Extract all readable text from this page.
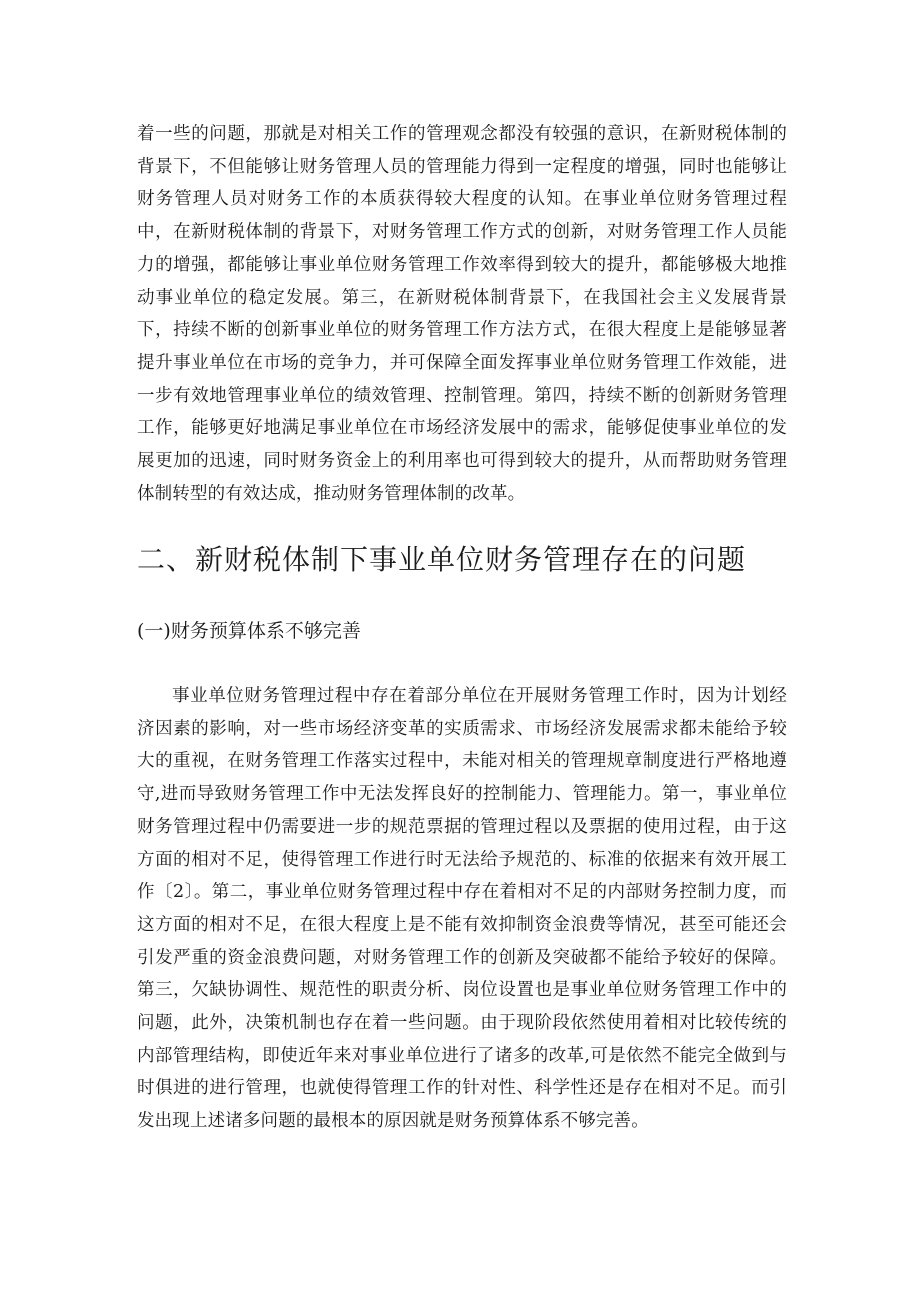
着一些的问题，那就是对相关工作的管理观念都没有较强的意识，在新财税体制的背景下，不但能够让财务管理人员的管理能力得到一定程度的增强，同时也能够让财务管理人员对财务工作的本质获得较大程度的认知。在事业单位财务管理过程中，在新财税体制的背景下，对财务管理工作方式的创新，对财务管理工作人员能力的增强，都能够让事业单位财务管理工作效率得到较大的提升，都能够极大地推动事业单位的稳定发展。第三，在新财税体制背景下，在我国社会主义发展背景下，持续不断的创新事业单位的财务管理工作方法方式，在很大程度上是能够显著提升事业单位在市场的竞争力，并可保障全面发挥事业单位财务管理工作效能，进一步有效地管理事业单位的绩效管理、控制管理。第四，持续不断的创新财务管理工作，能够更好地满足事业单位在市场经济发展中的需求，能够促使事业单位的发展更加的迅速，同时财务资金上的利用率也可得到较大的提升，从而帮助财务管理体制转型的有效达成，推动财务管理体制的改革。

二、新财税体制下事业单位财务管理存在的问题
(一)财务预算体系不够完善

事业单位财务管理过程中存在着部分单位在开展财务管理工作时，因为计划经济因素的影响，对一些市场经济变革的实质需求、市场经济发展需求都未能给予较大的重视，在财务管理工作落实过程中，未能对相关的管理规章制度进行严格地遵守,进而导致财务管理工作中无法发挥良好的控制能力、管理能力。第一，事业单位财务管理过程中仍需要进一步的规范票据的管理过程以及票据的使用过程，由于这方面的相对不足，使得管理工作进行时无法给予规范的、标准的依据来有效开展工作〔2〕。第二，事业单位财务管理过程中存在着相对不足的内部财务控制力度，而这方面的相对不足，在很大程度上是不能有效抑制资金浪费等情况，甚至可能还会引发严重的资金浪费问题，对财务管理工作的创新及突破都不能给予较好的保障。第三，欠缺协调性、规范性的职责分析、岗位设置也是事业单位财务管理工作中的问题，此外，决策机制也存在着一些问题。由于现阶段依然使用着相对比较传统的内部管理结构，即使近年来对事业单位进行了诸多的改革,可是依然不能完全做到与时俱进的进行管理，也就使得管理工作的针对性、科学性还是存在相对不足。而引发出现上述诸多问题的最根本的原因就是财务预算体系不够完善。
